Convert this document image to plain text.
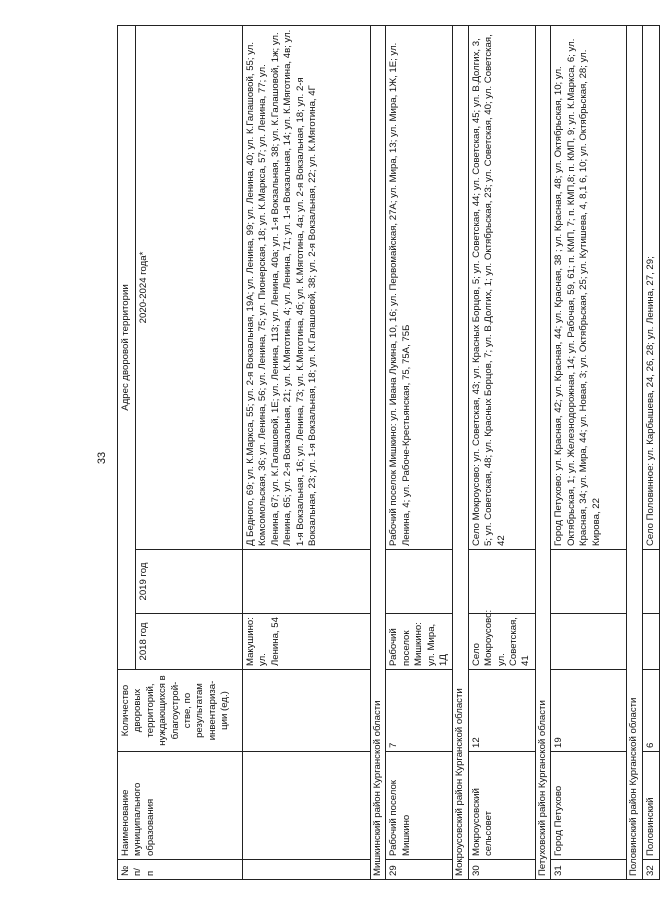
33
№ п/п	Наименование муниципального образования	Количество дворовых территорий, нуждающихся в благоустрой-стве, по результатам инвентариза-ции (ед.)	Адрес дворовой территории		
			2018 год	2019 год	2020-2024 года*
			Макушино: ул. Ленина, 54		Д Бедного, 69; ул. К.Маркса, 55; ул. 2-я Вокзальная, 19А; ул. Ленина, 99; ул. Ленина, 40; ул. К.Галашовой, 55; ул. Комсомольская, 36; ул. Ленина, 56; ул. Ленина, 75; ул. Пионерская, 18; ул. К.Маркса, 57; ул. Ленина, 77; ул. Ленина, 67; ул. К.Галашовой, 1Е; ул. Ленина, 113; ул. Ленина, 40а; ул. 1-я Вокзальная, 38; ул. К.Галашовой, 1ж; ул. Ленина, 65; ул. 2-я Вокзальная, 21; ул. К.Мяготина, 4; ул. Ленина, 71; ул. 1-я Вокзальная, 14; ул. К.Мяготина, 4в; ул. 1-я Вокзальная, 16; ул. Ленина, 73; ул. К.Мяготина, 4б; ул. К.Мяготина, 4а; ул. 2-я Вокзальная, 18; ул. 2-я Вокзальная, 23; ул. 1-я Вокзальная, 18; ул. К.Галашовой, 38; ул. 2-я Вокзальная, 22; ул. К.Мяготина, 4Г
Мишкинский район Курганской области					
29	Рабочий поселок Мишкино	7	Рабочий поселок Мишкино: ул. Мира, 1Д		Рабочий поселок Мишкино: ул. Ивана Лукина, 10, 16; ул. Первомайская, 27А; ул. Мира, 13; ул. Мира, 1Ж, 1Е; ул. Ленина, 4; ул. Рабоче-Крестьянская, 75, 75А, 75Б
Мокроусовский район Курганской области					
30	Мокроусовский сельсовет	12	Село Мокроусово: ул. Советская, 41		Село Мокроусово: ул. Советская, 43; ул. Красных Борцов, 5; ул. Советская, 44; ул. Советская, 45; ул. В.Долгих, 3, 5; ул. Советская, 48; ул. Красных Борцов, 7; ул. В.Долгих, 1; ул. Октябрьская, 23; ул. Советская, 40; ул. Советская, 42
Петуховский район Курганской области					
31	Город Петухово	19			Город Петухово: ул. Красная, 42; ул. Красная, 44; ул. Красная, 38 ; ул. Красная, 48; ул. Октябрьская, 10; ул. Октябрьская, 1; ул. Железнодорожная, 14; ул. Рабочая, 59, 61; п. КМП, 7; п. КМП,8; п. КМП, 9; ул. К.Маркса, 6; ул. Красная, 34; ул. Мира, 44; ул. Новая, 3; ул. Октябрьская, 25; ул. Кутишева, 4, 8,1 6, 10; ул. Октябрьская, 28; ул. Кирова, 22
Половинский район Курганской области					
32	Половинский	6			Село Половинное: ул. Карбышева, 24, 26, 28; ул. Ленина, 27, 29;
